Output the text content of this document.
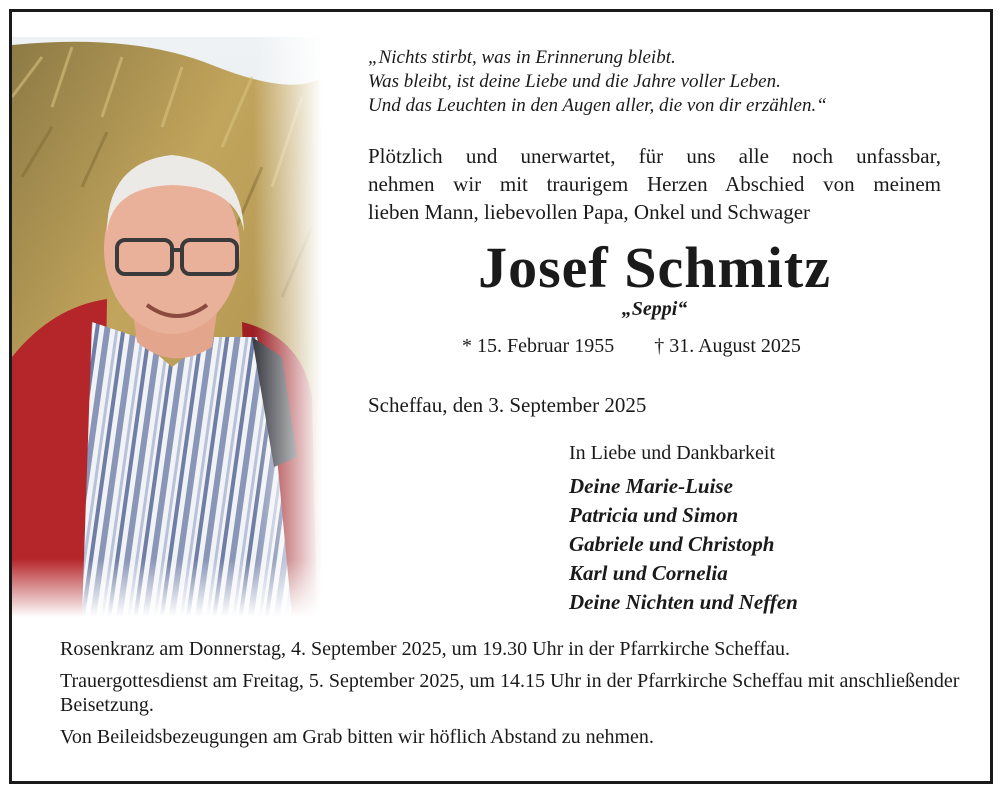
„Nichts stirbt, was in Erinnerung bleibt.
Was bleibt, ist deine Liebe und die Jahre voller Leben.
Und das Leuchten in den Augen aller, die von dir erzählen.“
Plötzlich und unerwartet, für uns alle noch unfassbar,
nehmen wir mit traurigem Herzen Abschied von meinem
lieben Mann, liebevollen Papa, Onkel und Schwager
Josef Schmitz
„Seppi“
* 15. Februar 1955 † 31. August 2025
Scheffau, den 3. September 2025
In Liebe und Dankbarkeit
Deine Marie-Luise
Patricia und Simon
Gabriele und Christoph
Karl und Cornelia
Deine Nichten und Neffen

Rosenkranz am Donnerstag, 4. September 2025, um 19.30 Uhr in der Pfarrkirche Scheffau.

Trauergottesdienst am Freitag, 5. September 2025, um 14.15 Uhr in der Pfarrkirche Scheffau mit anschließender Beisetzung.

Von Beileidsbezeugungen am Grab bitten wir höflich Abstand zu nehmen.
